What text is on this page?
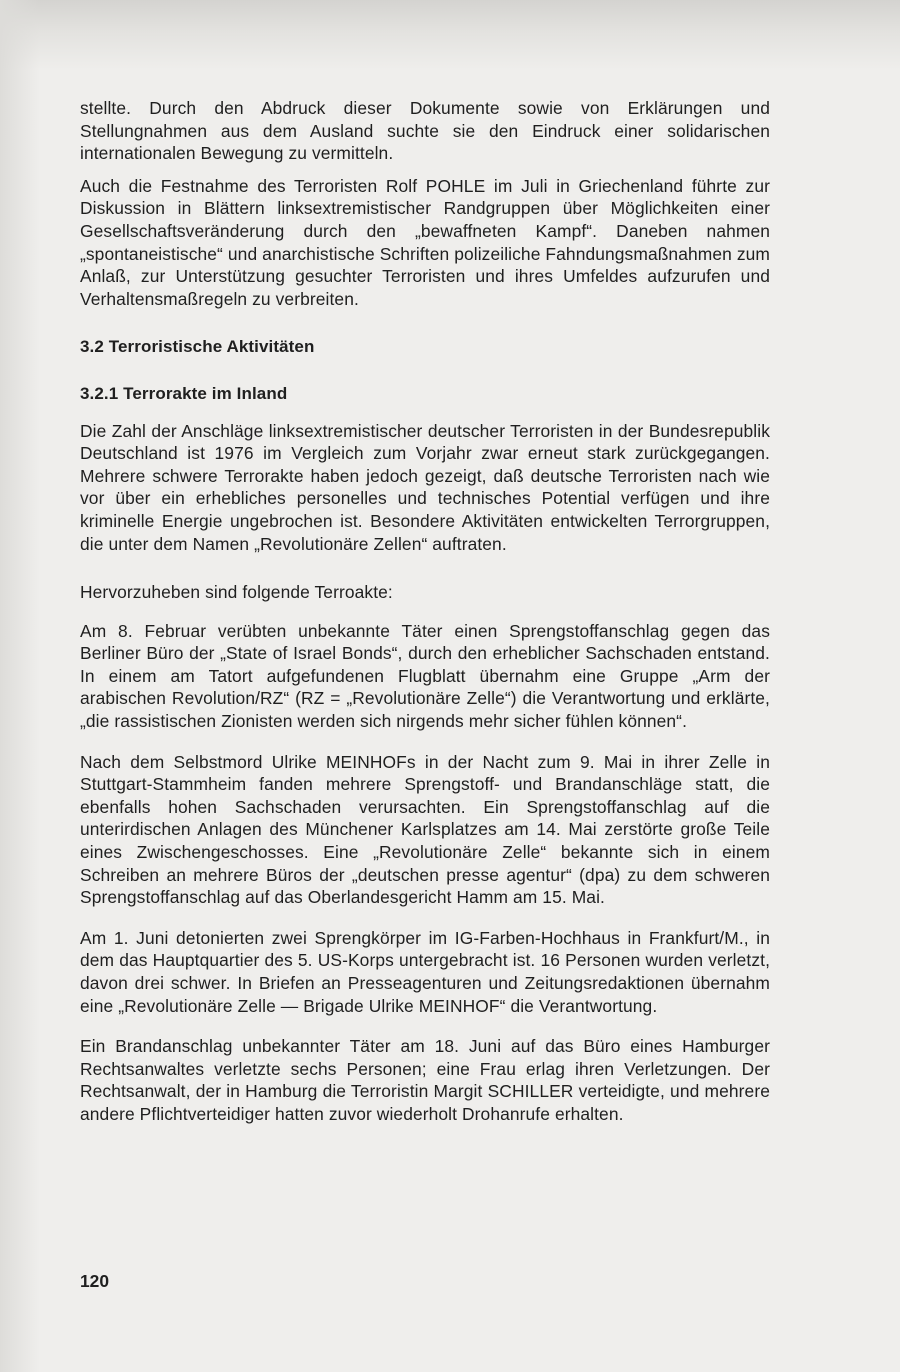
stellte. Durch den Abdruck dieser Dokumente sowie von Erklärungen und Stellungnahmen aus dem Ausland suchte sie den Eindruck einer solidarischen internationalen Bewegung zu vermitteln.

Auch die Festnahme des Terroristen Rolf POHLE im Juli in Griechenland führte zur Diskussion in Blättern linksextremistischer Randgruppen über Möglichkeiten einer Gesellschaftsveränderung durch den „bewaffneten Kampf“. Daneben nahmen „spontaneistische“ und anarchistische Schriften polizeiliche Fahndungsmaßnahmen zum Anlaß, zur Unterstützung gesuchter Terroristen und ihres Umfeldes aufzurufen und Verhaltensmaßregeln zu verbreiten.

3.2 Terroristische Aktivitäten
3.2.1 Terrorakte im Inland

Die Zahl der Anschläge linksextremistischer deutscher Terroristen in der Bundesrepublik Deutschland ist 1976 im Vergleich zum Vorjahr zwar erneut stark zurückgegangen. Mehrere schwere Terrorakte haben jedoch gezeigt, daß deutsche Terroristen nach wie vor über ein erhebliches personelles und technisches Potential verfügen und ihre kriminelle Energie ungebrochen ist. Besondere Aktivitäten entwickelten Terrorgruppen, die unter dem Namen „Revolutionäre Zellen“ auftraten.

Hervorzuheben sind folgende Terroakte:

Am 8. Februar verübten unbekannte Täter einen Sprengstoffanschlag gegen das Berliner Büro der „State of Israel Bonds“, durch den erheblicher Sachschaden entstand. In einem am Tatort aufgefundenen Flugblatt übernahm eine Gruppe „Arm der arabischen Revolution/RZ“ (RZ = „Revolutionäre Zelle“) die Verantwortung und erklärte, „die rassistischen Zionisten werden sich nirgends mehr sicher fühlen können“.

Nach dem Selbstmord Ulrike MEINHOFs in der Nacht zum 9. Mai in ihrer Zelle in Stuttgart-Stammheim fanden mehrere Sprengstoff- und Brandanschläge statt, die ebenfalls hohen Sachschaden verursachten. Ein Sprengstoffanschlag auf die unterirdischen Anlagen des Münchener Karlsplatzes am 14. Mai zerstörte große Teile eines Zwischengeschosses. Eine „Revolutionäre Zelle“ bekannte sich in einem Schreiben an mehrere Büros der „deutschen presse agentur“ (dpa) zu dem schweren Sprengstoffanschlag auf das Oberlandesgericht Hamm am 15. Mai.

Am 1. Juni detonierten zwei Sprengkörper im IG-Farben-Hochhaus in Frankfurt/M., in dem das Hauptquartier des 5. US-Korps untergebracht ist. 16 Personen wurden verletzt, davon drei schwer. In Briefen an Presseagenturen und Zeitungsredaktionen übernahm eine „Revolutionäre Zelle — Brigade Ulrike MEINHOF“ die Verantwortung.

Ein Brandanschlag unbekannter Täter am 18. Juni auf das Büro eines Hamburger Rechtsanwaltes verletzte sechs Personen; eine Frau erlag ihren Verletzungen. Der Rechtsanwalt, der in Hamburg die Terroristin Margit SCHILLER verteidigte, und mehrere andere Pflichtverteidiger hatten zuvor wiederholt Drohanrufe erhalten.

120
